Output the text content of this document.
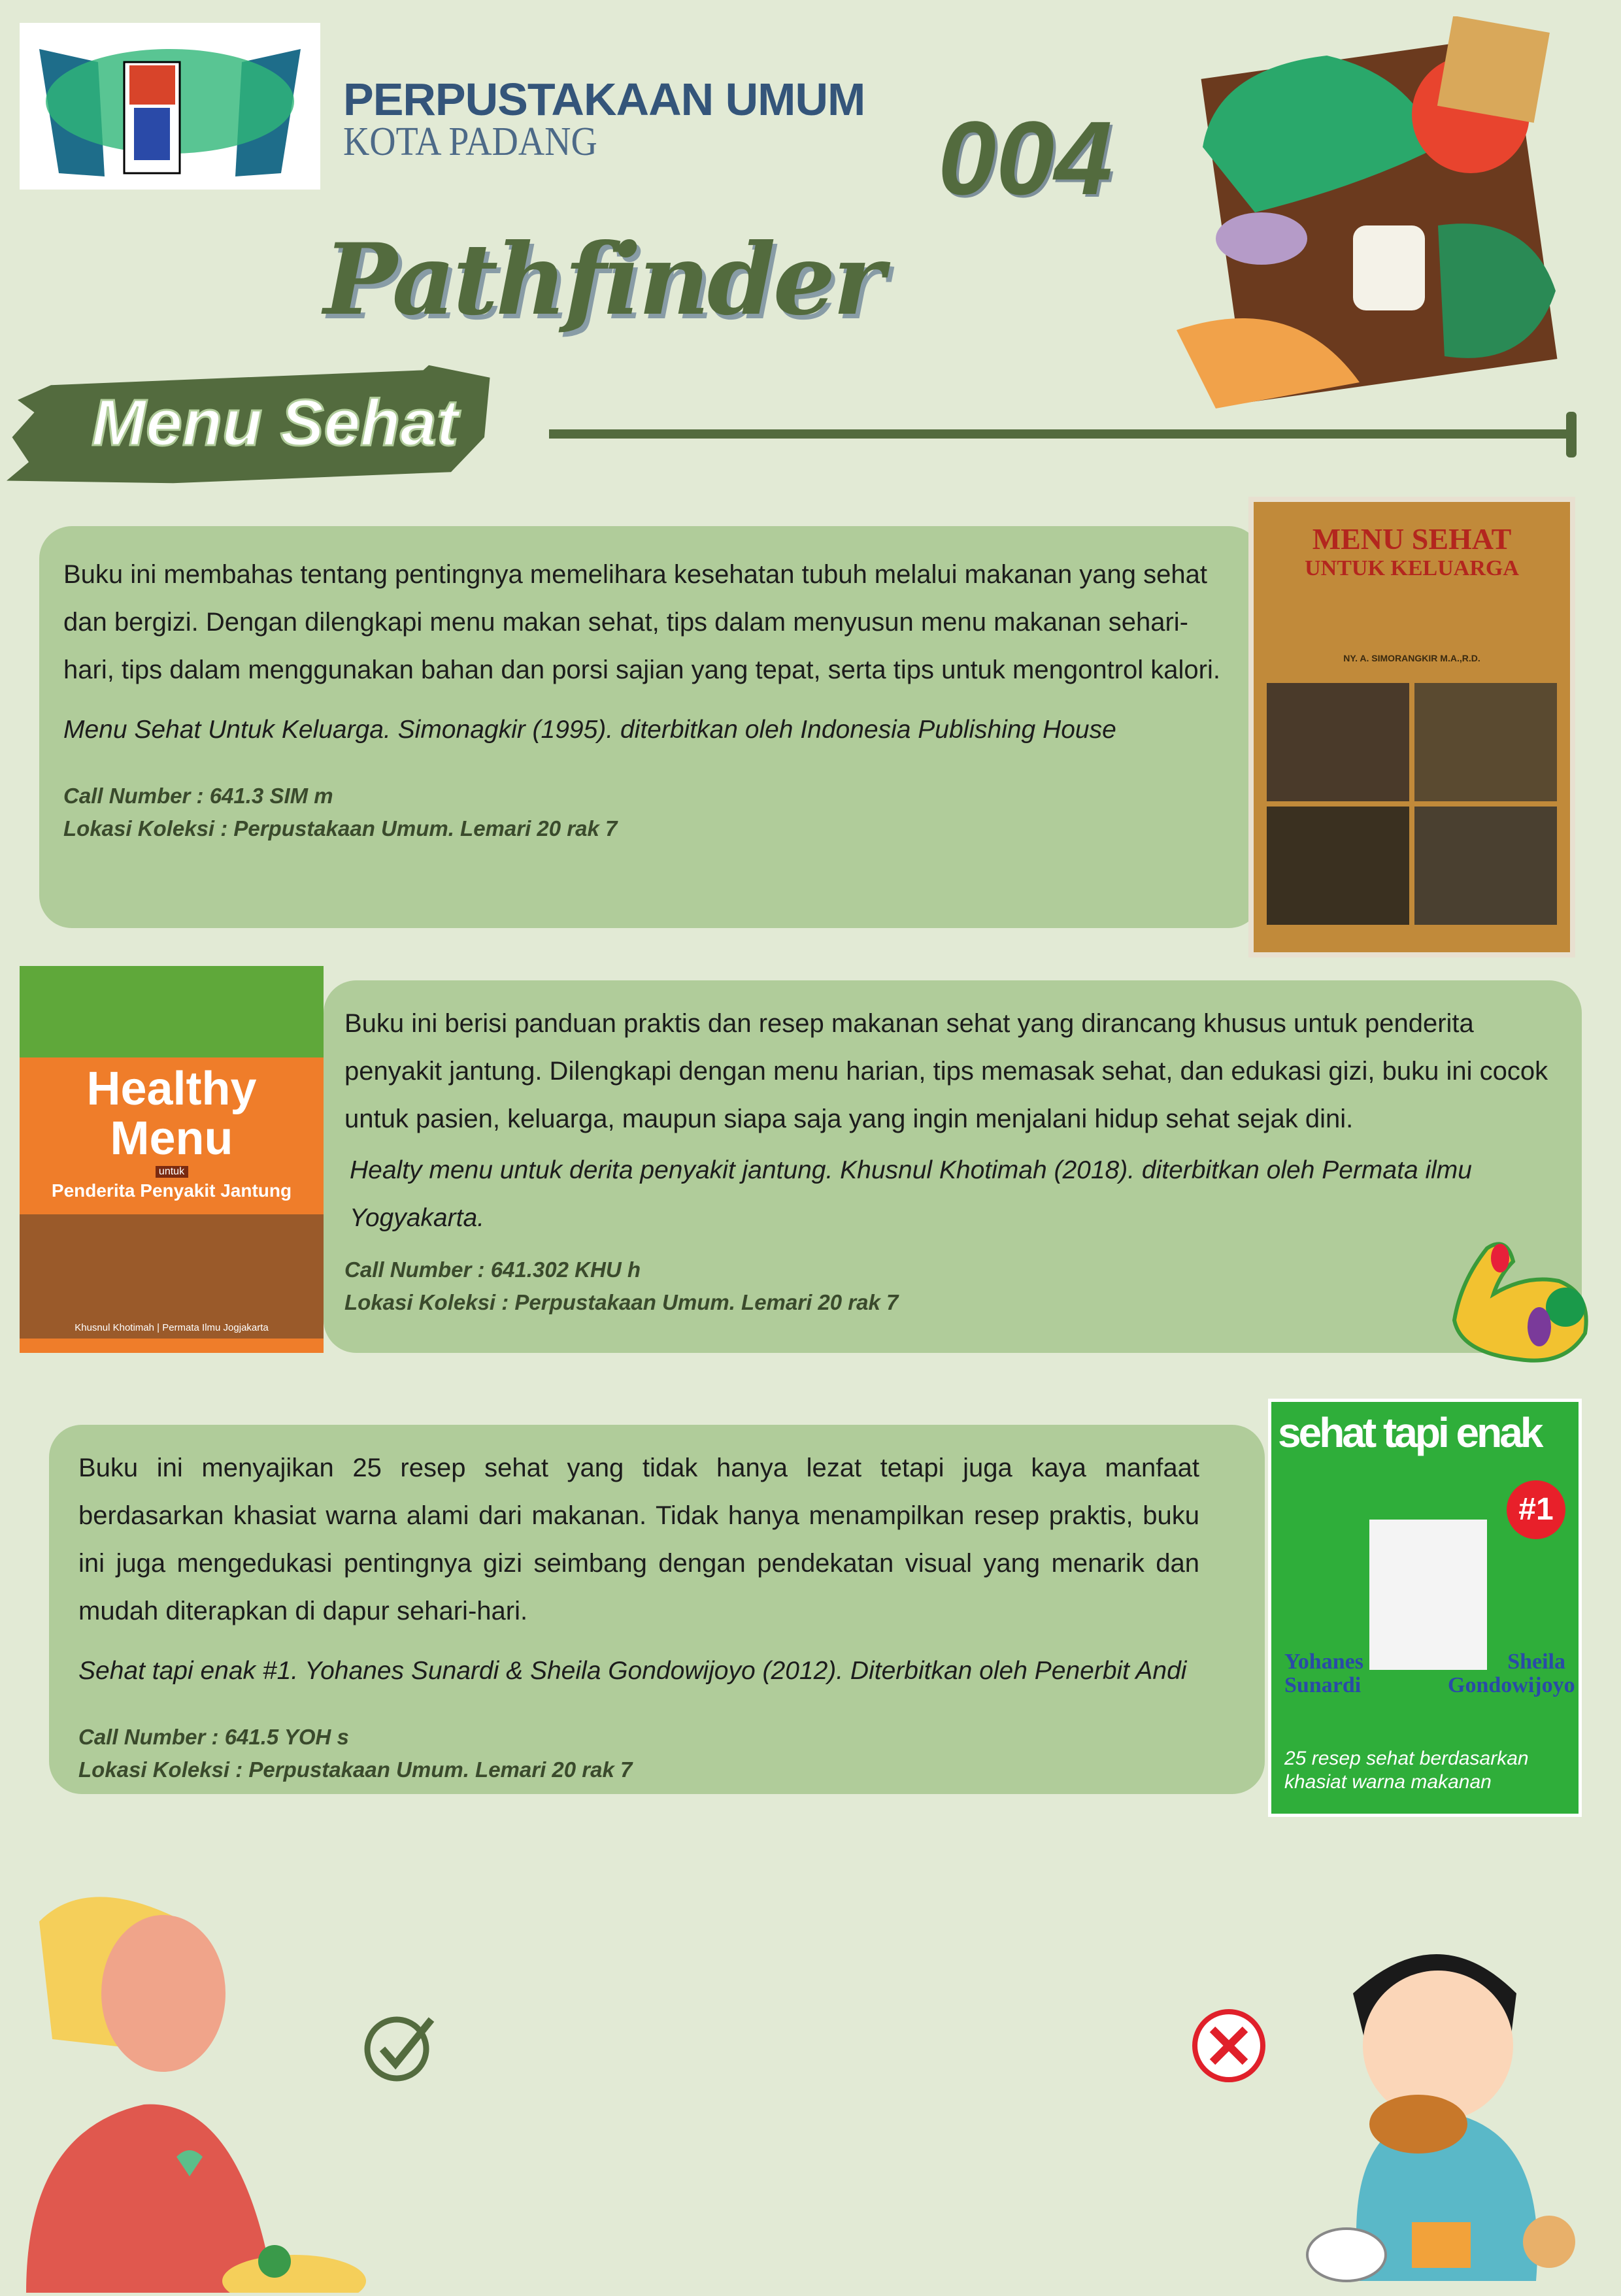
PERPUSTAKAAN UMUM
KOTA PADANG	004
Pathfinder
Menu Sehat

Buku ini membahas tentang pentingnya memelihara kesehatan tubuh melalui makanan yang sehat dan bergizi. Dengan dilengkapi menu makan sehat, tips dalam menyusun menu makanan sehari-hari, tips dalam menggunakan bahan dan porsi sajian yang tepat, serta tips untuk mengontrol kalori.

Menu Sehat Untuk Keluarga. Simonagkir (1995). diterbitkan oleh Indonesia Publishing House

Call Number : 641.3 SIM m

Lokasi Koleksi : Perpustakaan Umum. Lemari 20 rak 7

MENU SEHAT
UNTUK KELUARGA
NY. A. SIMORANGKIR M.A.,R.D.
Healthy Menu
untuk
Penderita Penyakit Jantung
Khusnul Khotimah | Permata Ilmu Jogjakarta

Buku ini berisi panduan praktis dan resep makanan sehat yang dirancang khusus untuk penderita penyakit jantung. Dilengkapi dengan menu harian, tips memasak sehat, dan edukasi gizi, buku ini cocok untuk pasien, keluarga, maupun siapa saja yang ingin menjalani hidup sehat sejak dini.

Healty menu untuk derita penyakit jantung. Khusnul Khotimah (2018). diterbitkan oleh Permata ilmu Yogyakarta.

Call Number : 641.302 KHU h

Lokasi Koleksi : Perpustakaan Umum. Lemari 20 rak 7

Buku ini menyajikan 25 resep sehat yang tidak hanya lezat tetapi juga kaya manfaat berdasarkan khasiat warna alami dari makanan. Tidak hanya menampilkan resep praktis, buku ini juga mengedukasi pentingnya gizi seimbang dengan pendekatan visual yang menarik dan mudah diterapkan di dapur sehari-hari.

Sehat tapi enak #1. Yohanes Sunardi & Sheila Gondowijoyo (2012). Diterbitkan oleh Penerbit Andi

Call Number : 641.5 YOH s

Lokasi Koleksi : Perpustakaan Umum. Lemari 20 rak 7

sehat tapi enak
#1
Yohanes Sunardi
Sheila Gondowijoyo
25 resep sehat berdasarkan khasiat warna makanan
